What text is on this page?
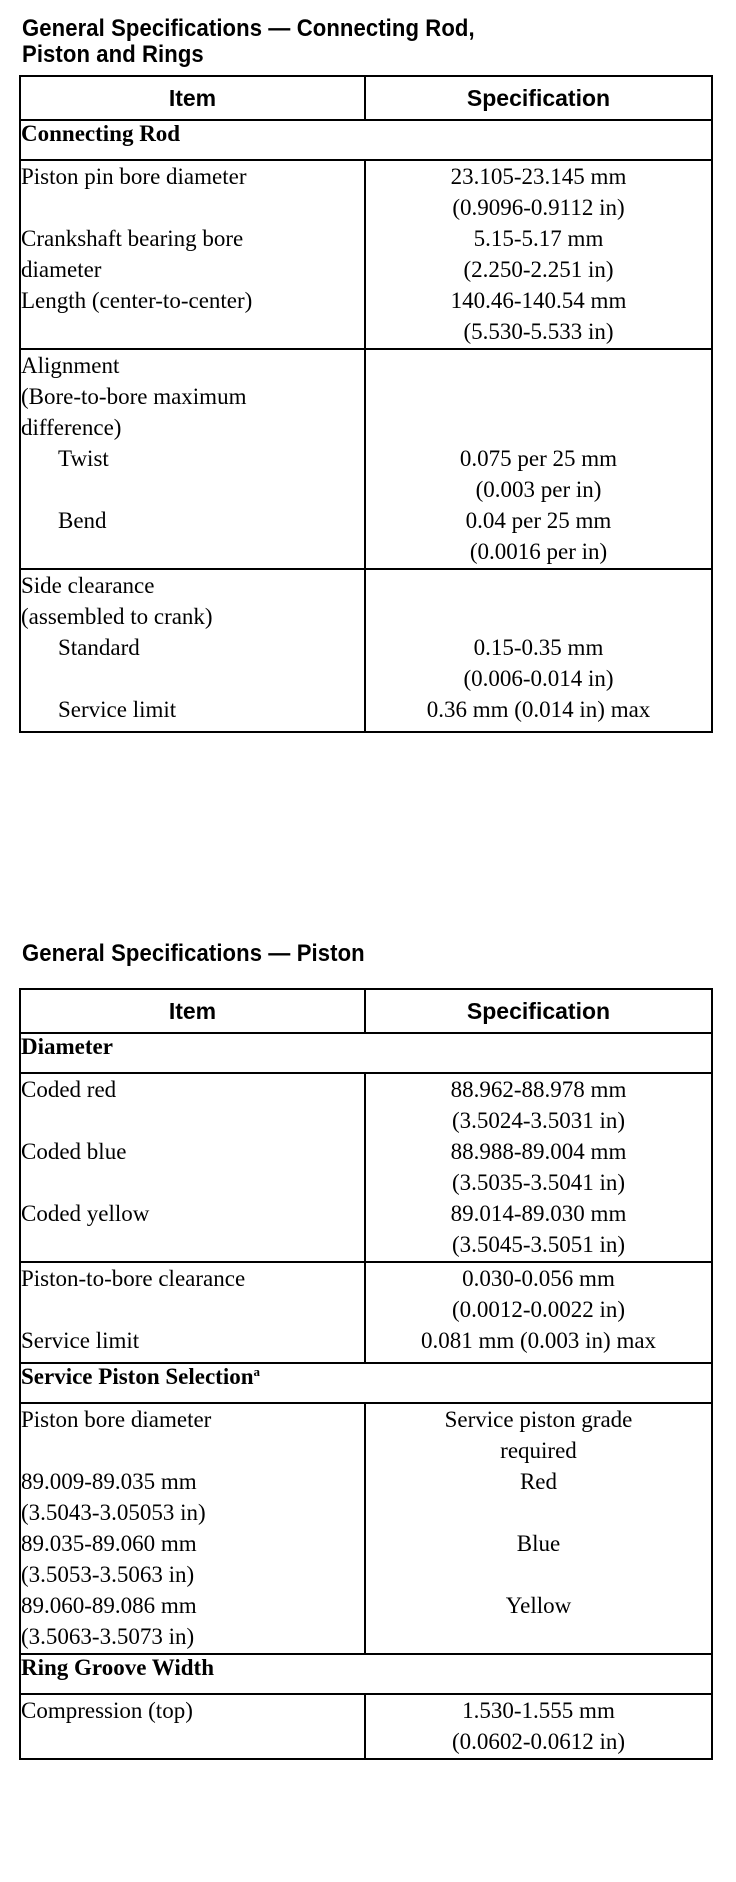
General Specifications — Connecting Rod,
Piston and Rings
Item	Specification
Connecting Rod	
Piston pin bore diameter	23.105-23.145 mm
(0.9096-0.9112 in)
Crankshaft bearing bore
diameter	5.15-5.17 mm
(2.250-2.251 in)
Length (center-to-center)	140.46-140.54 mm
(5.530-5.533 in)
Alignment
(Bore-to-bore maximum
difference)	
Twist	0.075 per 25 mm
(0.003 per in)
Bend	0.04 per 25 mm
(0.0016 per in)
Side clearance
(assembled to crank)	
Standard	0.15-0.35 mm
(0.006-0.014 in)
Service limit	0.36 mm (0.014 in) max
General Specifications — Piston
Item	Specification
Diameter	
Coded red	88.962-88.978 mm
(3.5024-3.5031 in)
Coded blue	88.988-89.004 mm
(3.5035-3.5041 in)
Coded yellow	89.014-89.030 mm
(3.5045-3.5051 in)
Piston-to-bore clearance	0.030-0.056 mm
(0.0012-0.0022 in)
Service limit	0.081 mm (0.003 in) max
Service Piston Selection$^a$
Piston bore diameter	Service piston grade
required
89.009-89.035 mm
(3.5043-3.05053 in)	Red
89.035-89.060 mm
(3.5053-3.5063 in)	Blue
89.060-89.086 mm
(3.5063-3.5073 in)	Yellow
Ring Groove Width	
Compression (top)	1.530-1.555 mm
(0.0602-0.0612 in)
